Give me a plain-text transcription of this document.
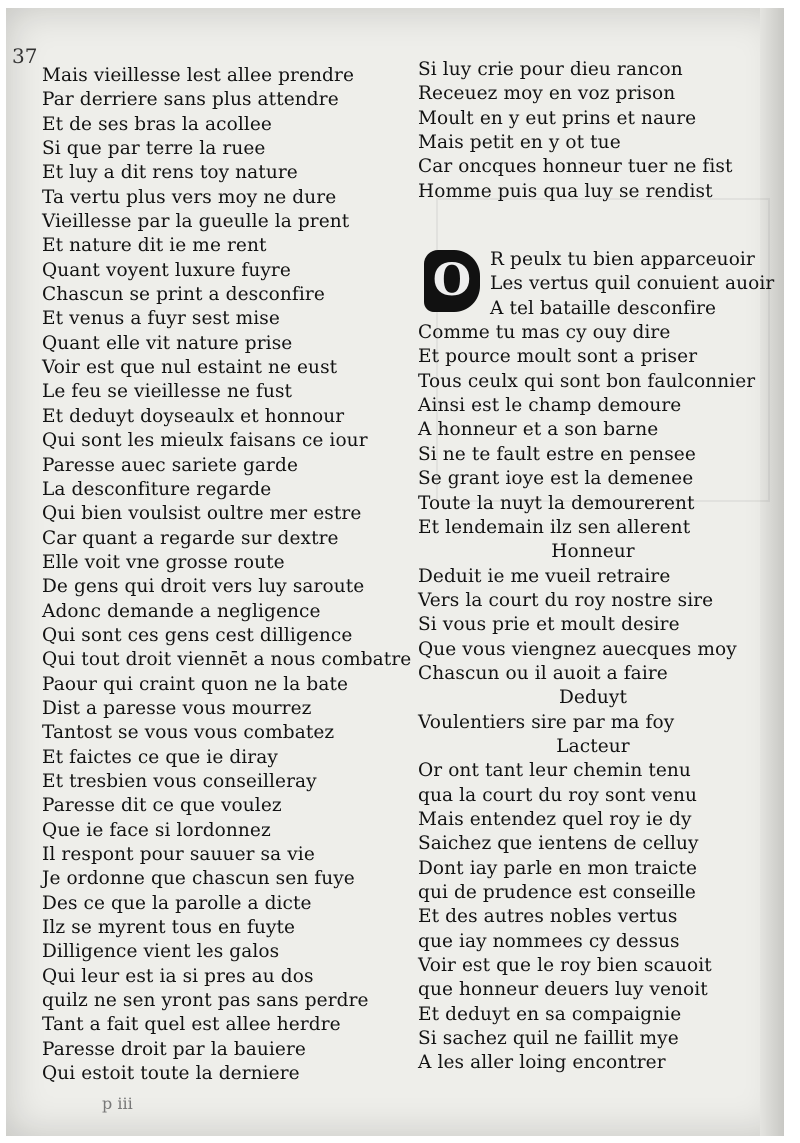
37
Mais vieillesse lest allee prendre
Par derriere sans plus attendre
Et de ses bras la acollee
Si que par terre la ruee
Et luy a dit rens toy nature
Ta vertu plus vers moy ne dure
Vieillesse par la gueulle la prent
Et nature dit ie me rent
Quant voyent luxure fuyre
Chascun se print a desconfire
Et venus a fuyr sest mise
Quant elle vit nature prise
Voir est que nul estaint ne eust
Le feu se vieillesse ne fust
Et deduyt doyseaulx et honnour
Qui sont les mieulx faisans ce iour
Paresse auec sariete garde
La desconfiture regarde
Qui bien voulsist oultre mer estre
Car quant a regarde sur dextre
Elle voit vne grosse route
De gens qui droit vers luy saroute
Adonc demande a negligence
Qui sont ces gens cest dilligence
Qui tout droit viennēt a nous combatre
Paour qui craint quon ne la bate
Dist a paresse vous mourrez
Tantost se vous vous combatez
Et faictes ce que ie diray
Et tresbien vous conseilleray
Paresse dit ce que voulez
Que ie face si lordonnez
Il respont pour sauuer sa vie
Je ordonne que chascun sen fuye
Des ce que la parolle a dicte
Ilz se myrent tous en fuyte
Dilligence vient les galos
Qui leur est ia si pres au dos
quilz ne sen yront pas sans perdre
Tant a fait quel est allee herdre
Paresse droit par la bauiere
Qui estoit toute la derniere
Si luy crie pour dieu rancon
Receuez moy en voz prison
Moult en y eut prins et naure
Mais petit en y ot tue
Car oncques honneur tuer ne fist
Homme puis qua luy se rendist
O	R peulx tu bien apparceuoir
Les vertus quil conuient auoir
A tel bataille desconfire
Comme tu mas cy ouy dire
Et pource moult sont a priser
Tous ceulx qui sont bon faulconnier
Ainsi est le champ demoure
A honneur et a son barne
Si ne te fault estre en pensee
Se grant ioye est la demenee
Toute la nuyt la demourerent
Et lendemain ilz sen allerent
Honneur
Deduit ie me vueil retraire
Vers la court du roy nostre sire
Si vous prie et moult desire
Que vous viengnez auecques moy
Chascun ou il auoit a faire
Deduyt
Voulentiers sire par ma foy
Lacteur
Or ont tant leur chemin tenu
qua la court du roy sont venu
Mais entendez quel roy ie dy
Saichez que ientens de celluy
Dont iay parle en mon traicte
qui de prudence est conseille
Et des autres nobles vertus
que iay nommees cy dessus
Voir est que le roy bien scauoit
que honneur deuers luy venoit
Et deduyt en sa compaignie
Si sachez quil ne faillit mye
A les aller loing encontrer
p iii
